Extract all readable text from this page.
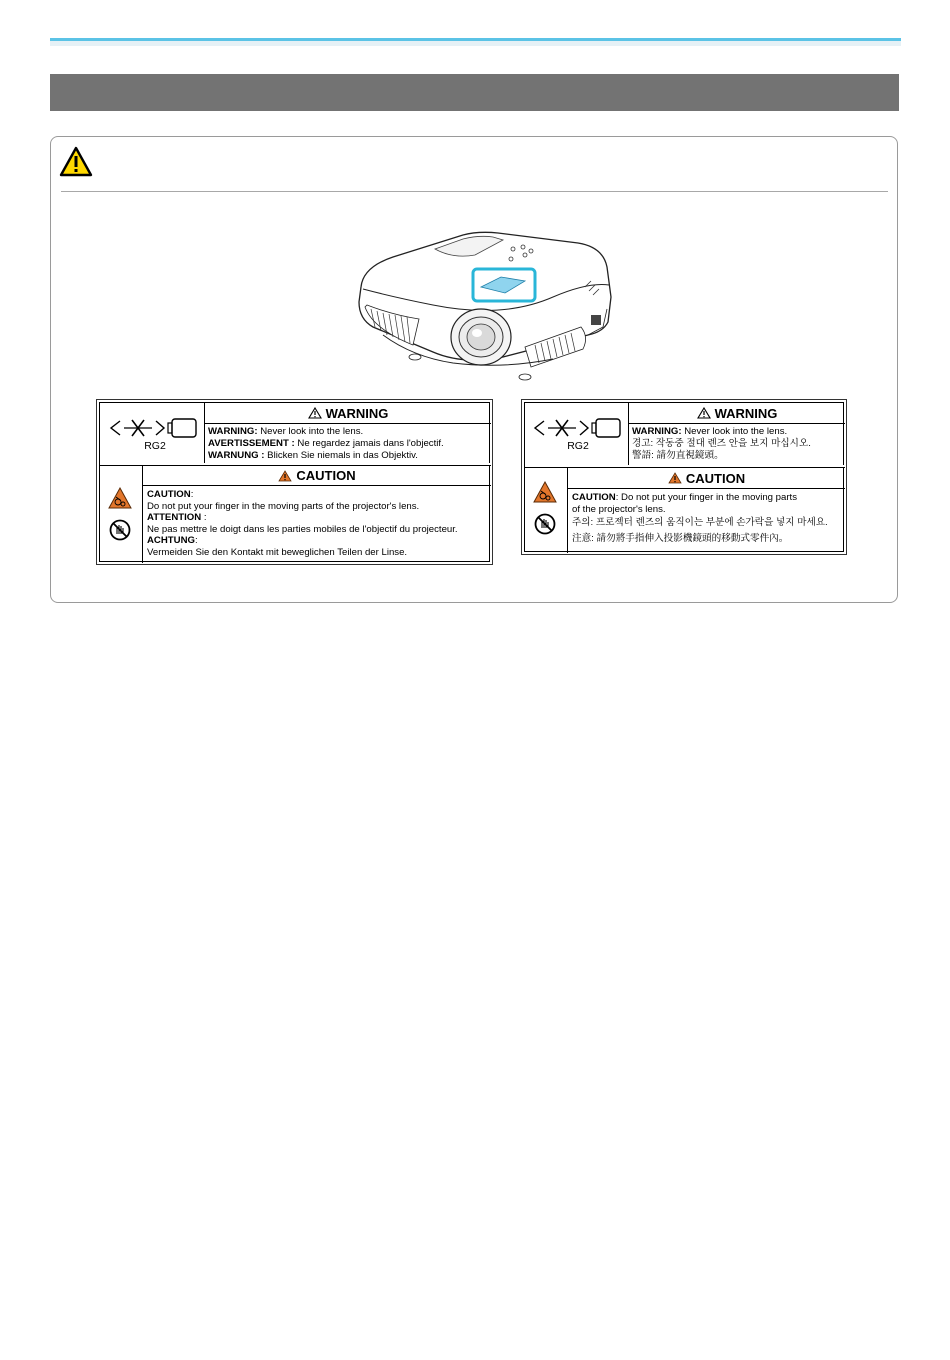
RG2
WARNING
WARNING: Never look into the lens.
AVERTISSEMENT : Ne regardez jamais dans l'objectif.
WARNUNG : Blicken Sie niemals in das Objektiv.
CAUTION
CAUTION:
Do not put your finger in the moving parts of the projector's lens.
ATTENTION :
Ne pas mettre le doigt dans les parties mobiles de l'objectif du projecteur.
ACHTUNG:
Vermeiden Sie den Kontakt mit beweglichen Teilen der Linse.
RG2
WARNING
WARNING: Never look into the lens.
경고: 작동중 절대 렌즈 안을 보지 마십시오.
警語: 請勿直視鏡頭。
CAUTION
CAUTION: Do not put your finger in the moving parts
of the projector's lens.
주의: 프로젝터 렌즈의 움직이는 부분에 손가락을 넣지 마세요.
注意: 請勿將手指伸入投影機鏡頭的移動式零件內。
